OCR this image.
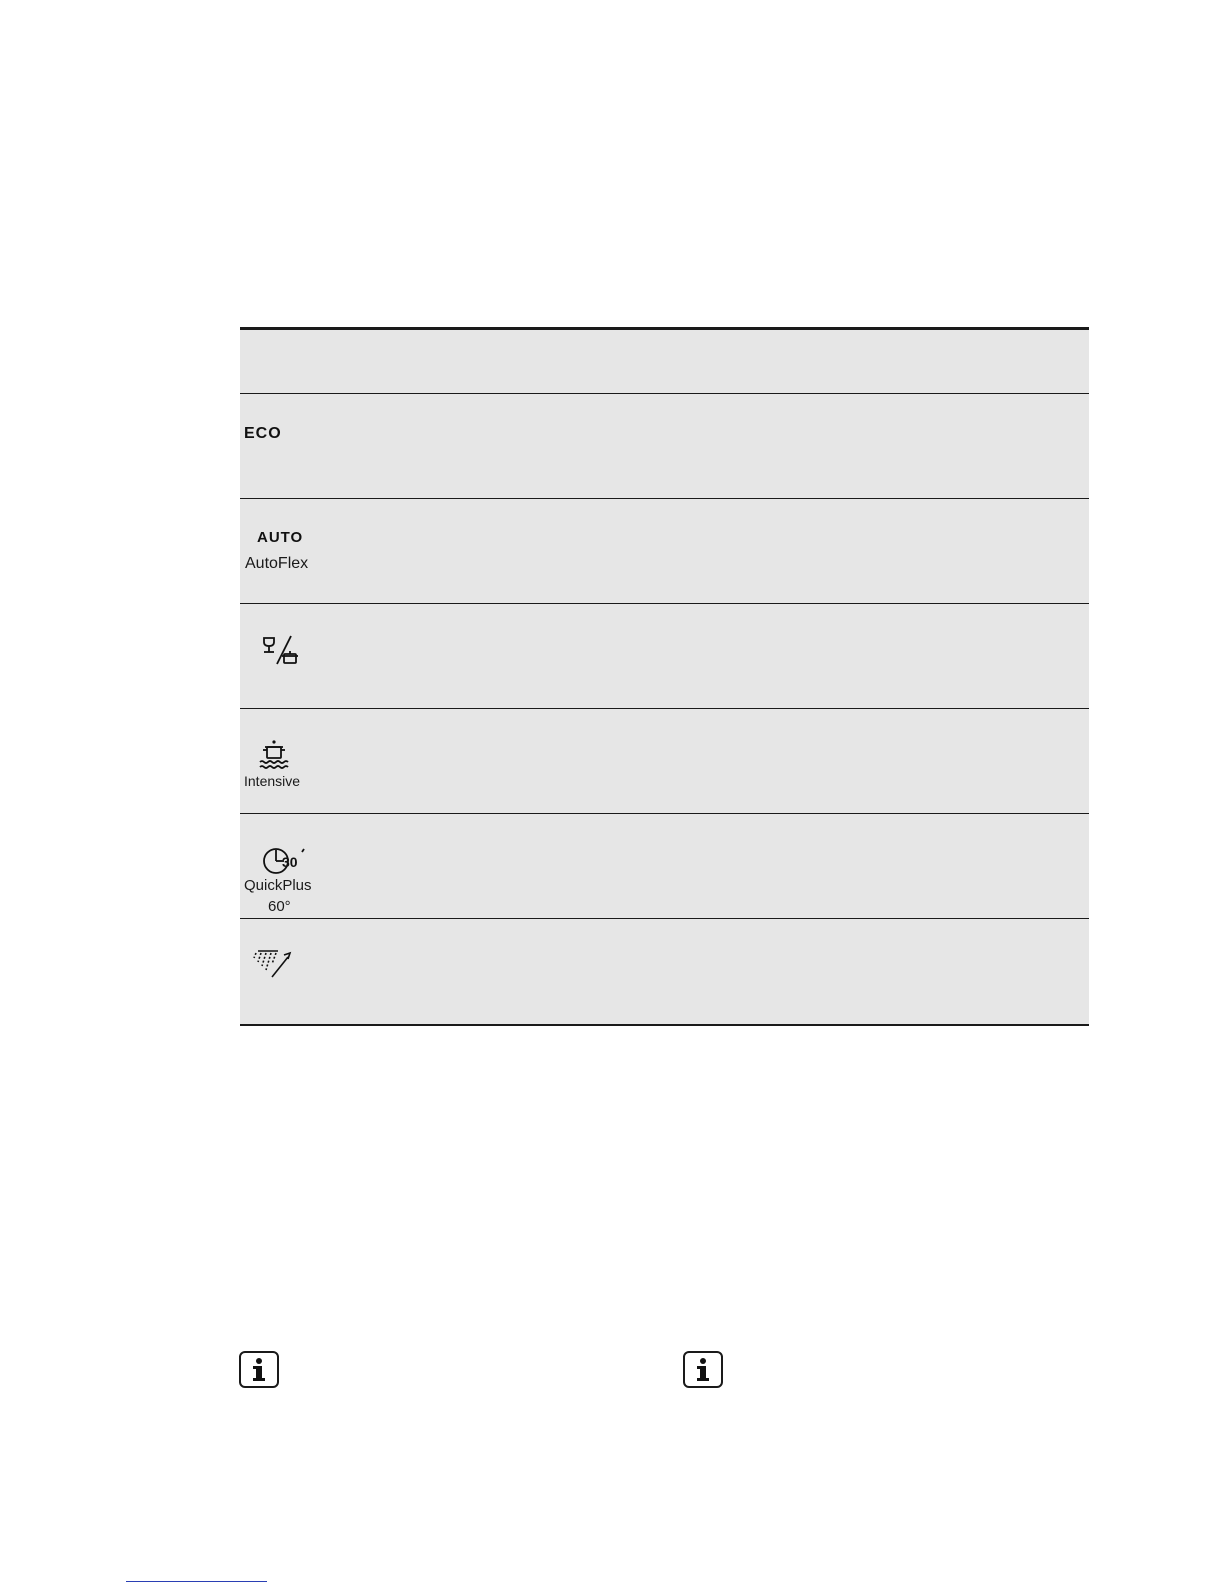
ECO
AUTO
AutoFlex
Intensive
30
QuickPlus
60°
